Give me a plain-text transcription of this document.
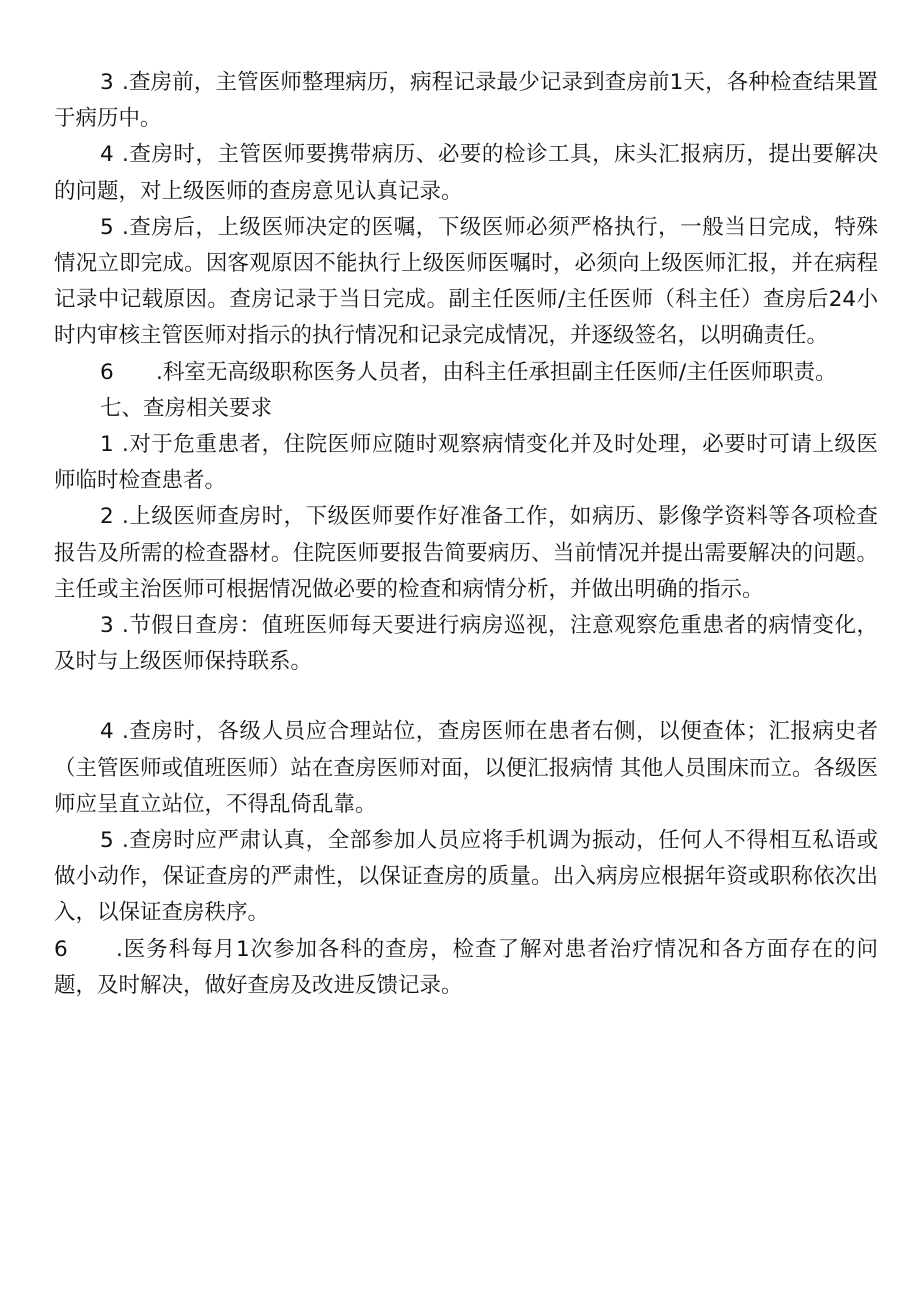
3 .查房前，主管医师整理病历，病程记录最少记录到查房前1天，各种检查结果置于病历中。

4 .查房时，主管医师要携带病历、必要的检诊工具，床头汇报病历，提出要解决的问题，对上级医师的查房意见认真记录。

5 .查房后，上级医师决定的医嘱，下级医师必须严格执行，一般当日完成，特殊情况立即完成。因客观原因不能执行上级医师医嘱时，必须向上级医师汇报，并在病程记录中记载原因。查房记录于当日完成。副主任医师/主任医师（科主任）查房后24小时内审核主管医师对指示的执行情况和记录完成情况，并逐级签名，以明确责任。

6 .科室无高级职称医务人员者，由科主任承担副主任医师/主任医师职责。

七、查房相关要求

1 .对于危重患者，住院医师应随时观察病情变化并及时处理，必要时可请上级医师临时检查患者。

2 .上级医师查房时，下级医师要作好准备工作，如病历、影像学资料等各项检查报告及所需的检查器材。住院医师要报告简要病历、当前情况并提出需要解决的问题。主任或主治医师可根据情况做必要的检查和病情分析，并做出明确的指示。

3 .节假日查房：值班医师每天要进行病房巡视，注意观察危重患者的病情变化，及时与上级医师保持联系。

4 .查房时，各级人员应合理站位，查房医师在患者右侧，以便查体；汇报病史者（主管医师或值班医师）站在查房医师对面，以便汇报病情 其他人员围床而立。各级医师应呈直立站位，不得乱倚乱靠。

5 .查房时应严肃认真，全部参加人员应将手机调为振动，任何人不得相互私语或做小动作，保证查房的严肃性，以保证查房的质量。出入病房应根据年资或职称依次出入，以保证查房秩序。

6 .医务科每月1次参加各科的查房，检查了解对患者治疗情况和各方面存在的问题，及时解决，做好查房及改进反馈记录。
